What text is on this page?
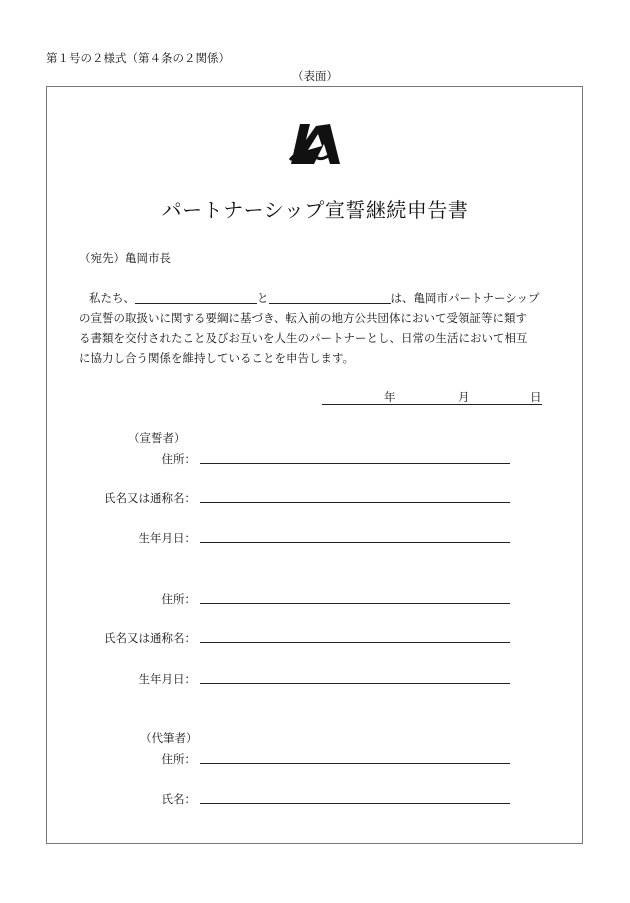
第１号の２様式（第４条の２関係）
（表面）
パートナーシップ宣誓継続申告書
（宛先）亀岡市長
私たち、	と	は、亀岡市パートナーシップ
の宣誓の取扱いに関する要綱に基づき、転入前の地方公共団体において受領証等に類す
る書類を交付されたこと及びお互いを人生のパートナーとし、日常の生活において相互
に協力し合う関係を維持していることを申告します。
年	月	日
（宣誓者）
住所：
氏名又は通称名：
生年月日：
住所：
氏名又は通称名：
生年月日：
（代筆者）
住所：
氏名：
